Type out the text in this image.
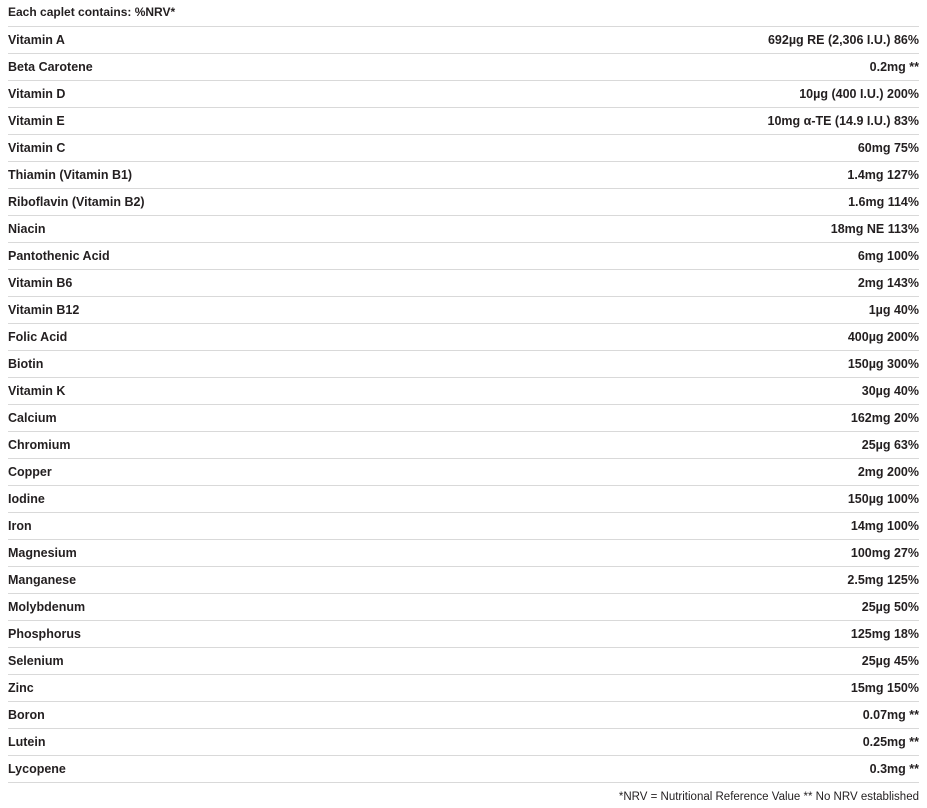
Each caplet contains: %NRV*
Vitamin A	692µg RE (2,306 I.U.) 86%
Beta Carotene	0.2mg **
Vitamin D	10µg (400 I.U.) 200%
Vitamin E	10mg α-TE (14.9 I.U.) 83%
Vitamin C	60mg 75%
Thiamin (Vitamin B1)	1.4mg 127%
Riboflavin (Vitamin B2)	1.6mg 114%
Niacin	18mg NE 113%
Pantothenic Acid	6mg 100%
Vitamin B6	2mg 143%
Vitamin B12	1µg 40%
Folic Acid	400µg 200%
Biotin	150µg 300%
Vitamin K	30µg 40%
Calcium	162mg 20%
Chromium	25µg 63%
Copper	2mg 200%
Iodine	150µg 100%
Iron	14mg 100%
Magnesium	100mg 27%
Manganese	2.5mg 125%
Molybdenum	25µg 50%
Phosphorus	125mg 18%
Selenium	25µg 45%
Zinc	15mg 150%
Boron	0.07mg **
Lutein	0.25mg **
Lycopene	0.3mg **
*NRV = Nutritional Reference Value ** No NRV established
